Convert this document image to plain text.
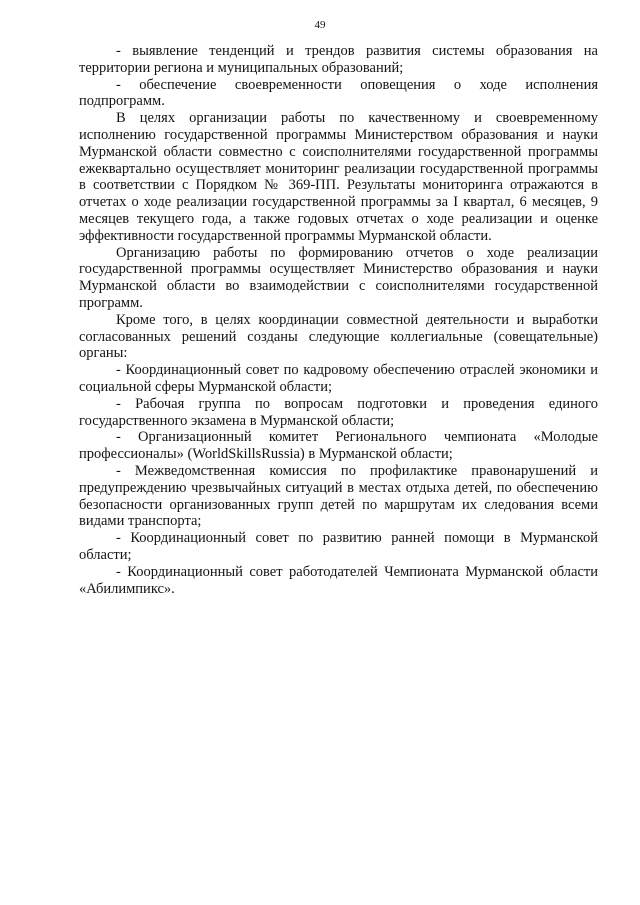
49

- выявление тенденций и трендов развития системы образования на территории региона и муниципальных образований;

- обеспечение своевременности оповещения о ходе исполнения подпрограмм.

В целях организации работы по качественному и своевременному исполнению государственной программы Министерством образования и науки Мурманской области совместно с соисполнителями государственной программы ежеквартально осуществляет мониторинг реализации государственной программы в соответствии с Порядком № 369-ПП. Результаты мониторинга отражаются в отчетах о ходе реализации государственной программы за I квартал, 6 месяцев, 9 месяцев текущего года, а также годовых отчетах о ходе реализации и оценке эффективности государственной программы Мурманской области.

Организацию работы по формированию отчетов о ходе реализации государственной программы осуществляет Министерство образования и науки Мурманской области во взаимодействии с соисполнителями государственной программ.

Кроме того, в целях координации совместной деятельности и выработки согласованных решений созданы следующие коллегиальные (совещательные) органы:

- Координационный совет по кадровому обеспечению отраслей экономики и социальной сферы Мурманской области;

- Рабочая группа по вопросам подготовки и проведения единого государственного экзамена в Мурманской области;

- Организационный комитет Регионального чемпионата «Молодые профессионалы» (WorldSkillsRussia) в Мурманской области;

- Межведомственная комиссия по профилактике правонарушений и предупреждению чрезвычайных ситуаций в местах отдыха детей, по обеспечению безопасности организованных групп детей по маршрутам их следования всеми видами транспорта;

- Координационный совет по развитию ранней помощи в Мурманской области;

- Координационный совет работодателей Чемпионата Мурманской области «Абилимпикс».
